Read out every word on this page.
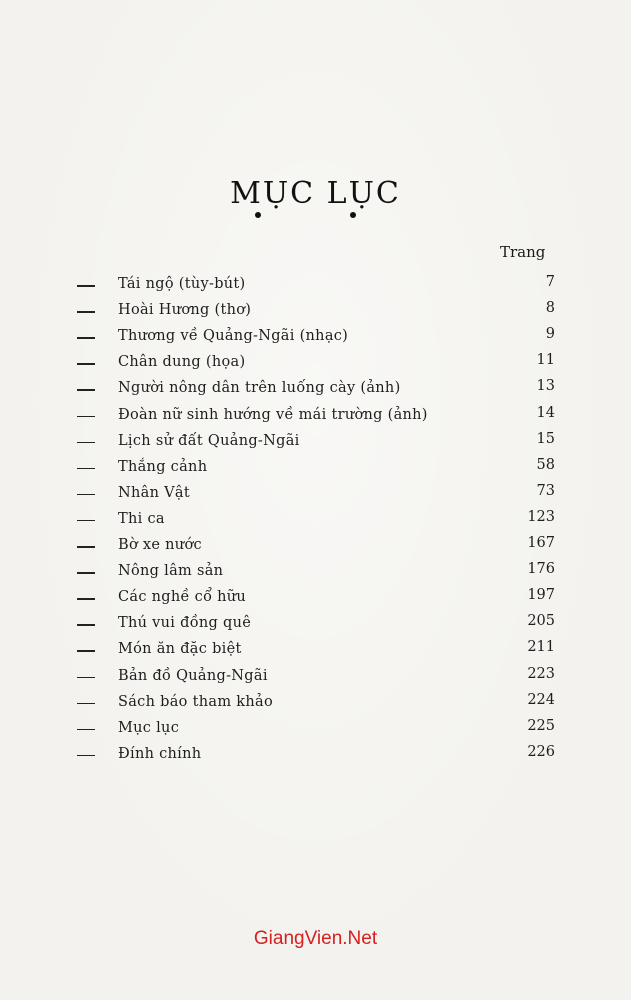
MỤC LỤC
Trang
Tái ngộ (tùy-bút)	7
Hoài Hương (thơ)	8
Thương về Quảng-Ngãi (nhạc)	9
Chân dung (họa)	11
Người nông dân trên luống cày (ảnh)	13
Đoàn nữ sinh hướng về mái trường (ảnh)	14
Lịch sử đất Quảng-Ngãi	15
Thắng cảnh	58
Nhân Vật	73
Thi ca	123
Bờ xe nước	167
Nông lâm sản	176
Các nghề cổ hữu	197
Thú vui đồng quê	205
Món ăn đặc biệt	211
Bản đồ Quảng-Ngãi	223
Sách báo tham khảo	224
Mục lục	225
Đính chính	226
GiangVien.Net
